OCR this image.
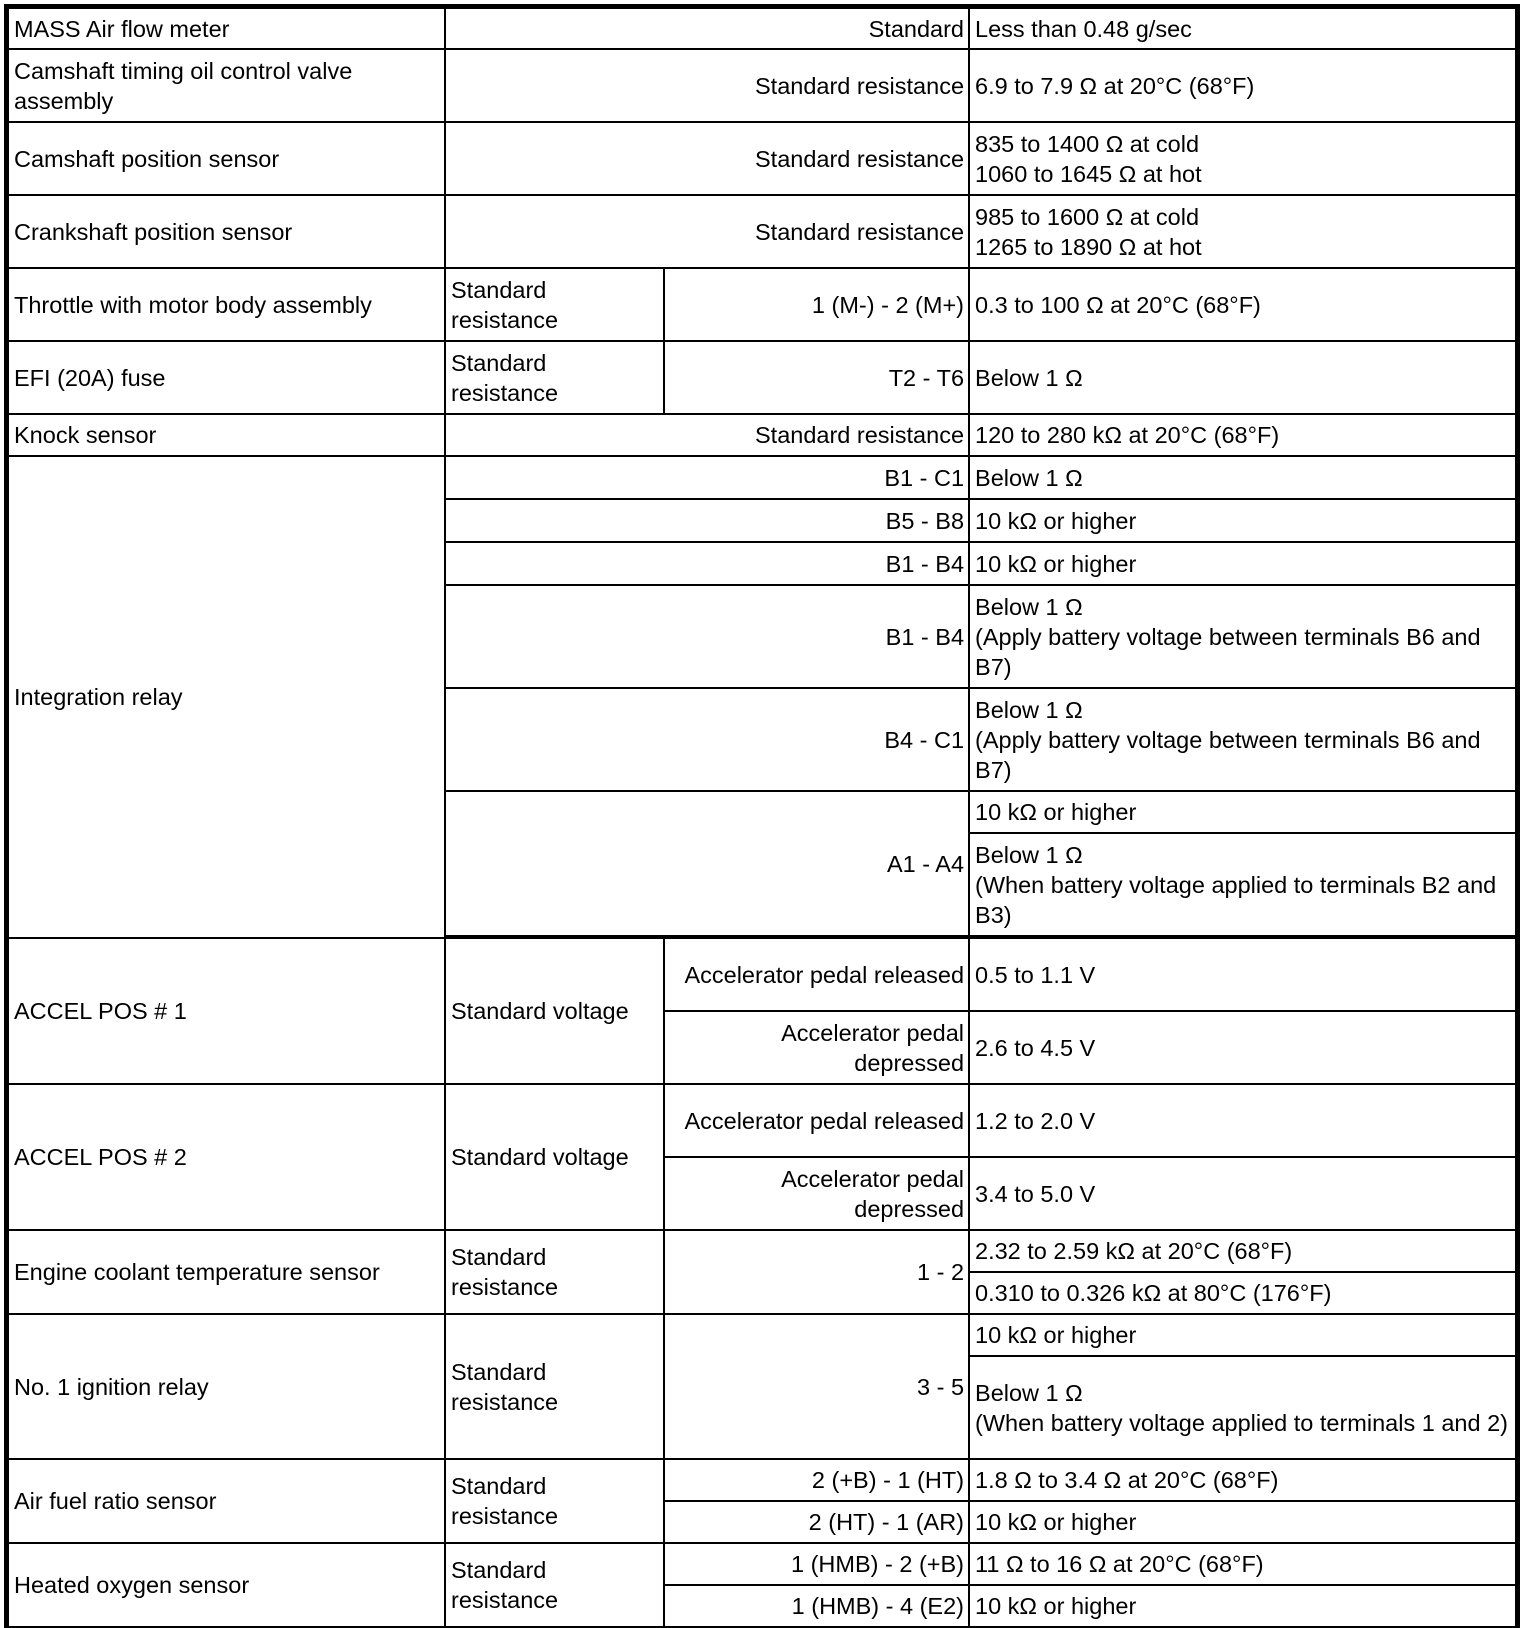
MASS Air flow meter	Standard		Less than 0.48 g/sec
Camshaft timing oil control valve assembly	Standard resistance		6.9 to 7.9 Ω at 20°C (68°F)
Camshaft position sensor	Standard resistance		835 to 1400 Ω at cold
1060 to 1645 Ω at hot
Crankshaft position sensor	Standard resistance		985 to 1600 Ω at cold
1265 to 1890 Ω at hot
Throttle with motor body assembly	Standard resistance	1 (M-) - 2 (M+)	0.3 to 100 Ω at 20°C (68°F)
EFI (20A) fuse	Standard resistance	T2 - T6	Below 1 Ω
Knock sensor	Standard resistance		120 to 280 kΩ at 20°C (68°F)
Integration relay	B1 - C1		Below 1 Ω
	B5 - B8		10 kΩ or higher
	B1 - B4		10 kΩ or higher
	B1 - B4		Below 1 Ω
(Apply battery voltage between terminals B6 and B7)
	B4 - C1		Below 1 Ω
(Apply battery voltage between terminals B6 and B7)
	A1 - A4		10 kΩ or higher
			Below 1 Ω
(When battery voltage applied to terminals B2 and B3)

ACCEL POS # 1	Standard voltage	Accelerator pedal released	0.5 to 1.1 V
		Accelerator pedal depressed	2.6 to 4.5 V
ACCEL POS # 2	Standard voltage	Accelerator pedal released	1.2 to 2.0 V
		Accelerator pedal depressed	3.4 to 5.0 V
Engine coolant temperature sensor	Standard resistance	1 - 2	2.32 to 2.59 kΩ at 20°C (68°F)
			0.310 to 0.326 kΩ at 80°C (176°F)
No. 1 ignition relay	Standard resistance	3 - 5	10 kΩ or higher
			Below 1 Ω
(When battery voltage applied to terminals 1 and 2)
Air fuel ratio sensor	Standard resistance	2 (+B) - 1 (HT)	1.8 Ω to 3.4 Ω at 20°C (68°F)
		2 (HT) - 1 (AR)	10 kΩ or higher
Heated oxygen sensor	Standard resistance	1 (HMB) - 2 (+B)	11 Ω to 16 Ω at 20°C (68°F)
		1 (HMB) - 4 (E2)	10 kΩ or higher
